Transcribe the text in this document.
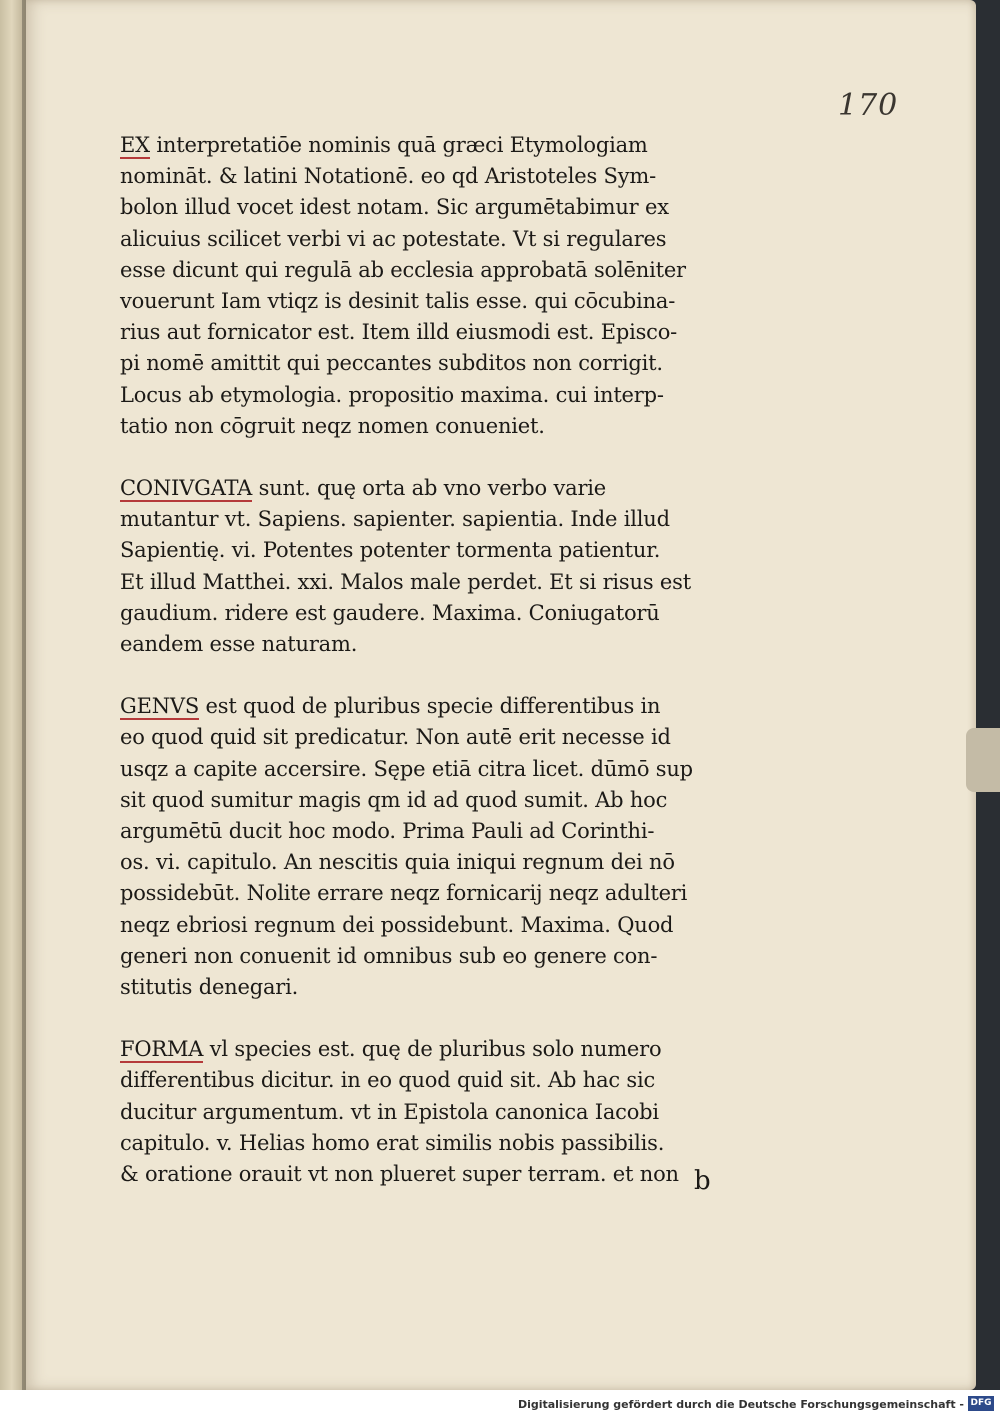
170
EX interpretatiōe nominis quā græci Etymologiam
nomināt. & latini Notationē. eo qd Aristoteles Sym-
bolon illud vocet idest notam. Sic argumētabimur ex
alicuius scilicet verbi vi ac potestate. Vt si regulares
esse dicunt qui regulā ab ecclesia approbatā solēniter
vouerunt Iam vtiqz is desinit talis esse. qui cōcubina-
rius aut fornicator est. Item illd eiusmodi est. Episco-
pi nomē amittit qui peccantes subditos non corrigit.
Locus ab etymologia. propositio maxima. cui interp-
tatio non cōgruit neqz nomen conueniet.
CONIVGATA sunt. quę orta ab vno verbo varie
mutantur vt. Sapiens. sapienter. sapientia. Inde illud
Sapientię. vi. Potentes potenter tormenta patientur.
Et illud Matthei. xxi. Malos male perdet. Et si risus est
gaudium. ridere est gaudere. Maxima. Coniugatorū
eandem esse naturam.
GENVS est quod de pluribus specie differentibus in
eo quod quid sit predicatur. Non autē erit necesse id
usqz a capite accersire. Sępe etiā citra licet. dūmō sup
sit quod sumitur magis qm id ad quod sumit. Ab hoc
argumētū ducit hoc modo. Prima Pauli ad Corinthi-
os. vi. capitulo. An nescitis quia iniqui regnum dei nō
possidebūt. Nolite errare neqz fornicarij neqz adulteri
neqz ebriosi regnum dei possidebunt. Maxima. Quod
generi non conuenit id omnibus sub eo genere con-
stitutis denegari.
FORMA vl species est. quę de pluribus solo numero
differentibus dicitur. in eo quod quid sit. Ab hac sic
ducitur argumentum. vt in Epistola canonica Iacobi
capitulo. v. Helias homo erat similis nobis passibilis.
& oratione orauit vt non plueret super terram. et non b
Digitalisierung gefördert durch die Deutsche Forschungsgemeinschaft - DFG
